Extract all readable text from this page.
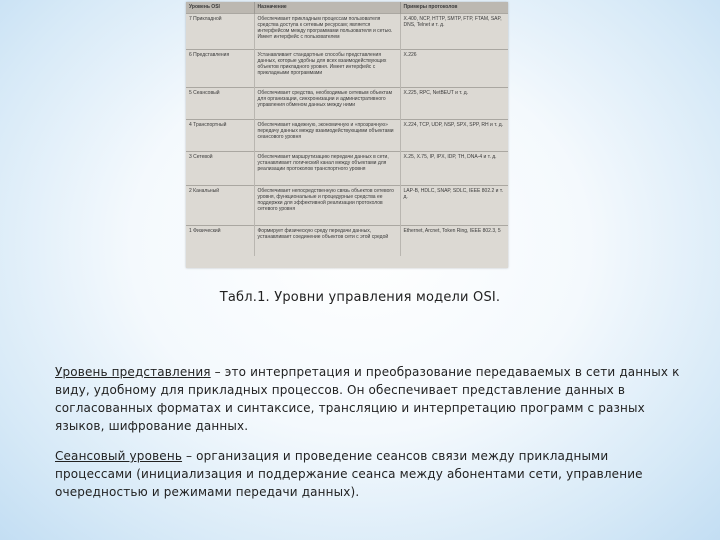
Уровень OSI	Назначение	Примеры протоколов
7 Прикладной	Обеспечивает прикладным процессам пользователя средства доступа к сетевым ресурсам; является интерфейсом между программами пользователя и сетью. Имеет интерфейс с пользователем	X.400, NCP, HTTP, SMTP, FTP, FTAM, SAP, DNS, Telnet и т. д.
6 Представления	Устанавливает стандартные способы представления данных, которые удобны для всех взаимодействующих объектов прикладного уровня. Имеет интерфейс с прикладными программами	X.226
5 Сеансовый	Обеспечивает средства, необходимые сетевым объектам для организации, синхронизации и административного управления обменом данных между ними	X.225, RPC, NetBEUT и т. д.
4 Транспортный	Обеспечивает надежную, экономичную и «прозрачную» передачу данных между взаимодействующими объектами сеансового уровня	X.224, TCP, UDP, NSP, SPX, SPP, RH и т. д.
3 Сетевой	Обеспечивает маршрутизацию передачи данных в сети, устанавливает логический канал между объектами для реализации протоколов транспортного уровня	X.25, X.75, IP, IPX, IDP, TH, DNA-4 и т. д.
2 Канальный	Обеспечивает непосредственную связь объектов сетевого уровня, функциональные и процедурные средства ее поддержки для эффективной реализации протоколов сетевого уровня	LAP-B, HDLC, SNAP, SDLC, IEEE 802.2 и т. д.
1 Физический	Формирует физическую среду передачи данных, устанавливает соединение объектов сети с этой средой	Ethernet, Arcnet, Token Ring, IEEE 802.3, 5
Табл.1. Уровни управления модели OSI.
Уровень представления – это интерпретация и преобразование передаваемых в сети данных к виду, удобному для прикладных процессов. Он обеспечивает представление данных в согласованных форматах и синтаксисе, трансляцию и интерпретацию программ с разных языков, шифрование данных.
Сеансовый уровень – организация и проведение сеансов связи между прикладными процессами (инициализация и поддержание сеанса между абонентами сети, управление очередностью и режимами передачи данных).
